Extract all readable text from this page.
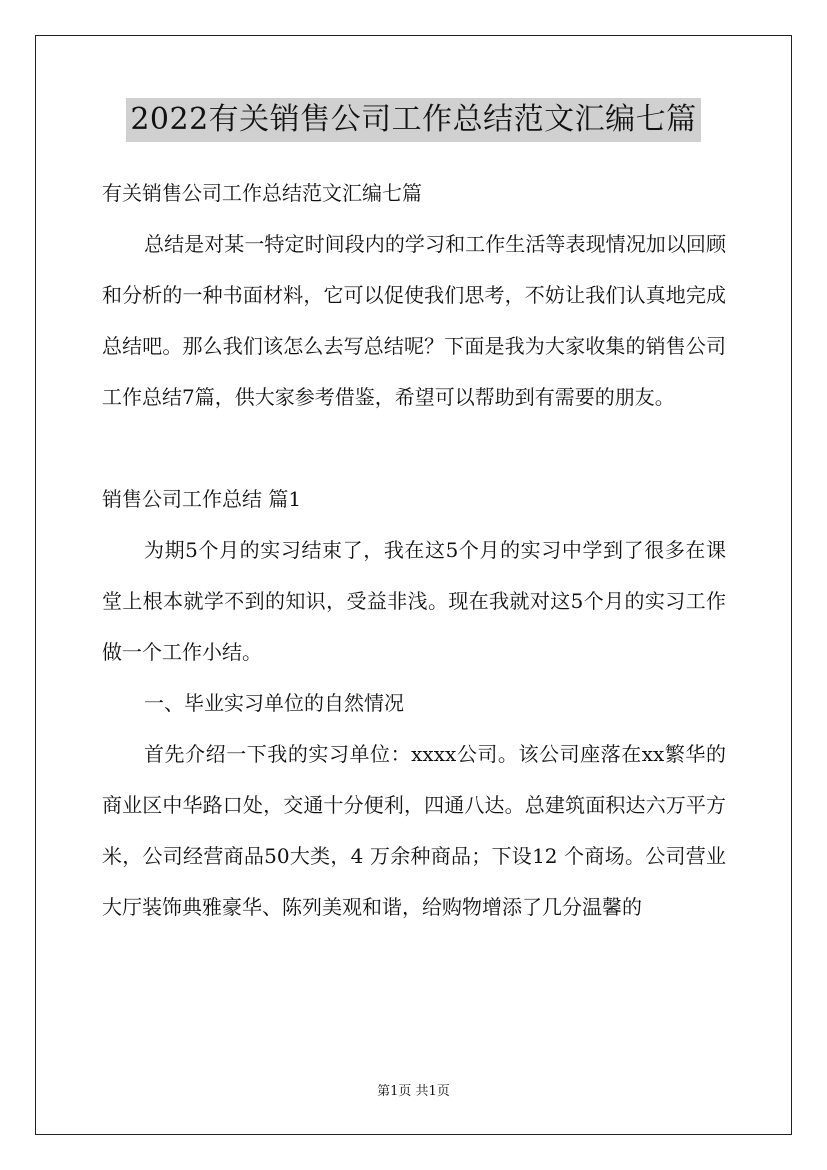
2022有关销售公司工作总结范文汇编七篇

有关销售公司工作总结范文汇编七篇

总结是对某一特定时间段内的学习和工作生活等表现情况加以回顾和分析的一种书面材料，它可以促使我们思考，不妨让我们认真地完成总结吧。那么我们该怎么去写总结呢？下面是我为大家收集的销售公司工作总结7篇，供大家参考借鉴，希望可以帮助到有需要的朋友。

销售公司工作总结 篇1

为期5个月的实习结束了，我在这5个月的实习中学到了很多在课堂上根本就学不到的知识，受益非浅。现在我就对这5个月的实习工作做一个工作小结。

一、毕业实习单位的自然情况

首先介绍一下我的实习单位：xxxx公司。该公司座落在xx繁华的商业区中华路口处，交通十分便利，四通八达。总建筑面积达六万平方米，公司经营商品50大类，4 万余种商品；下设12 个商场。公司营业大厅装饰典雅豪华、陈列美观和谐，给购物增添了几分温馨的

第1页 共1页
